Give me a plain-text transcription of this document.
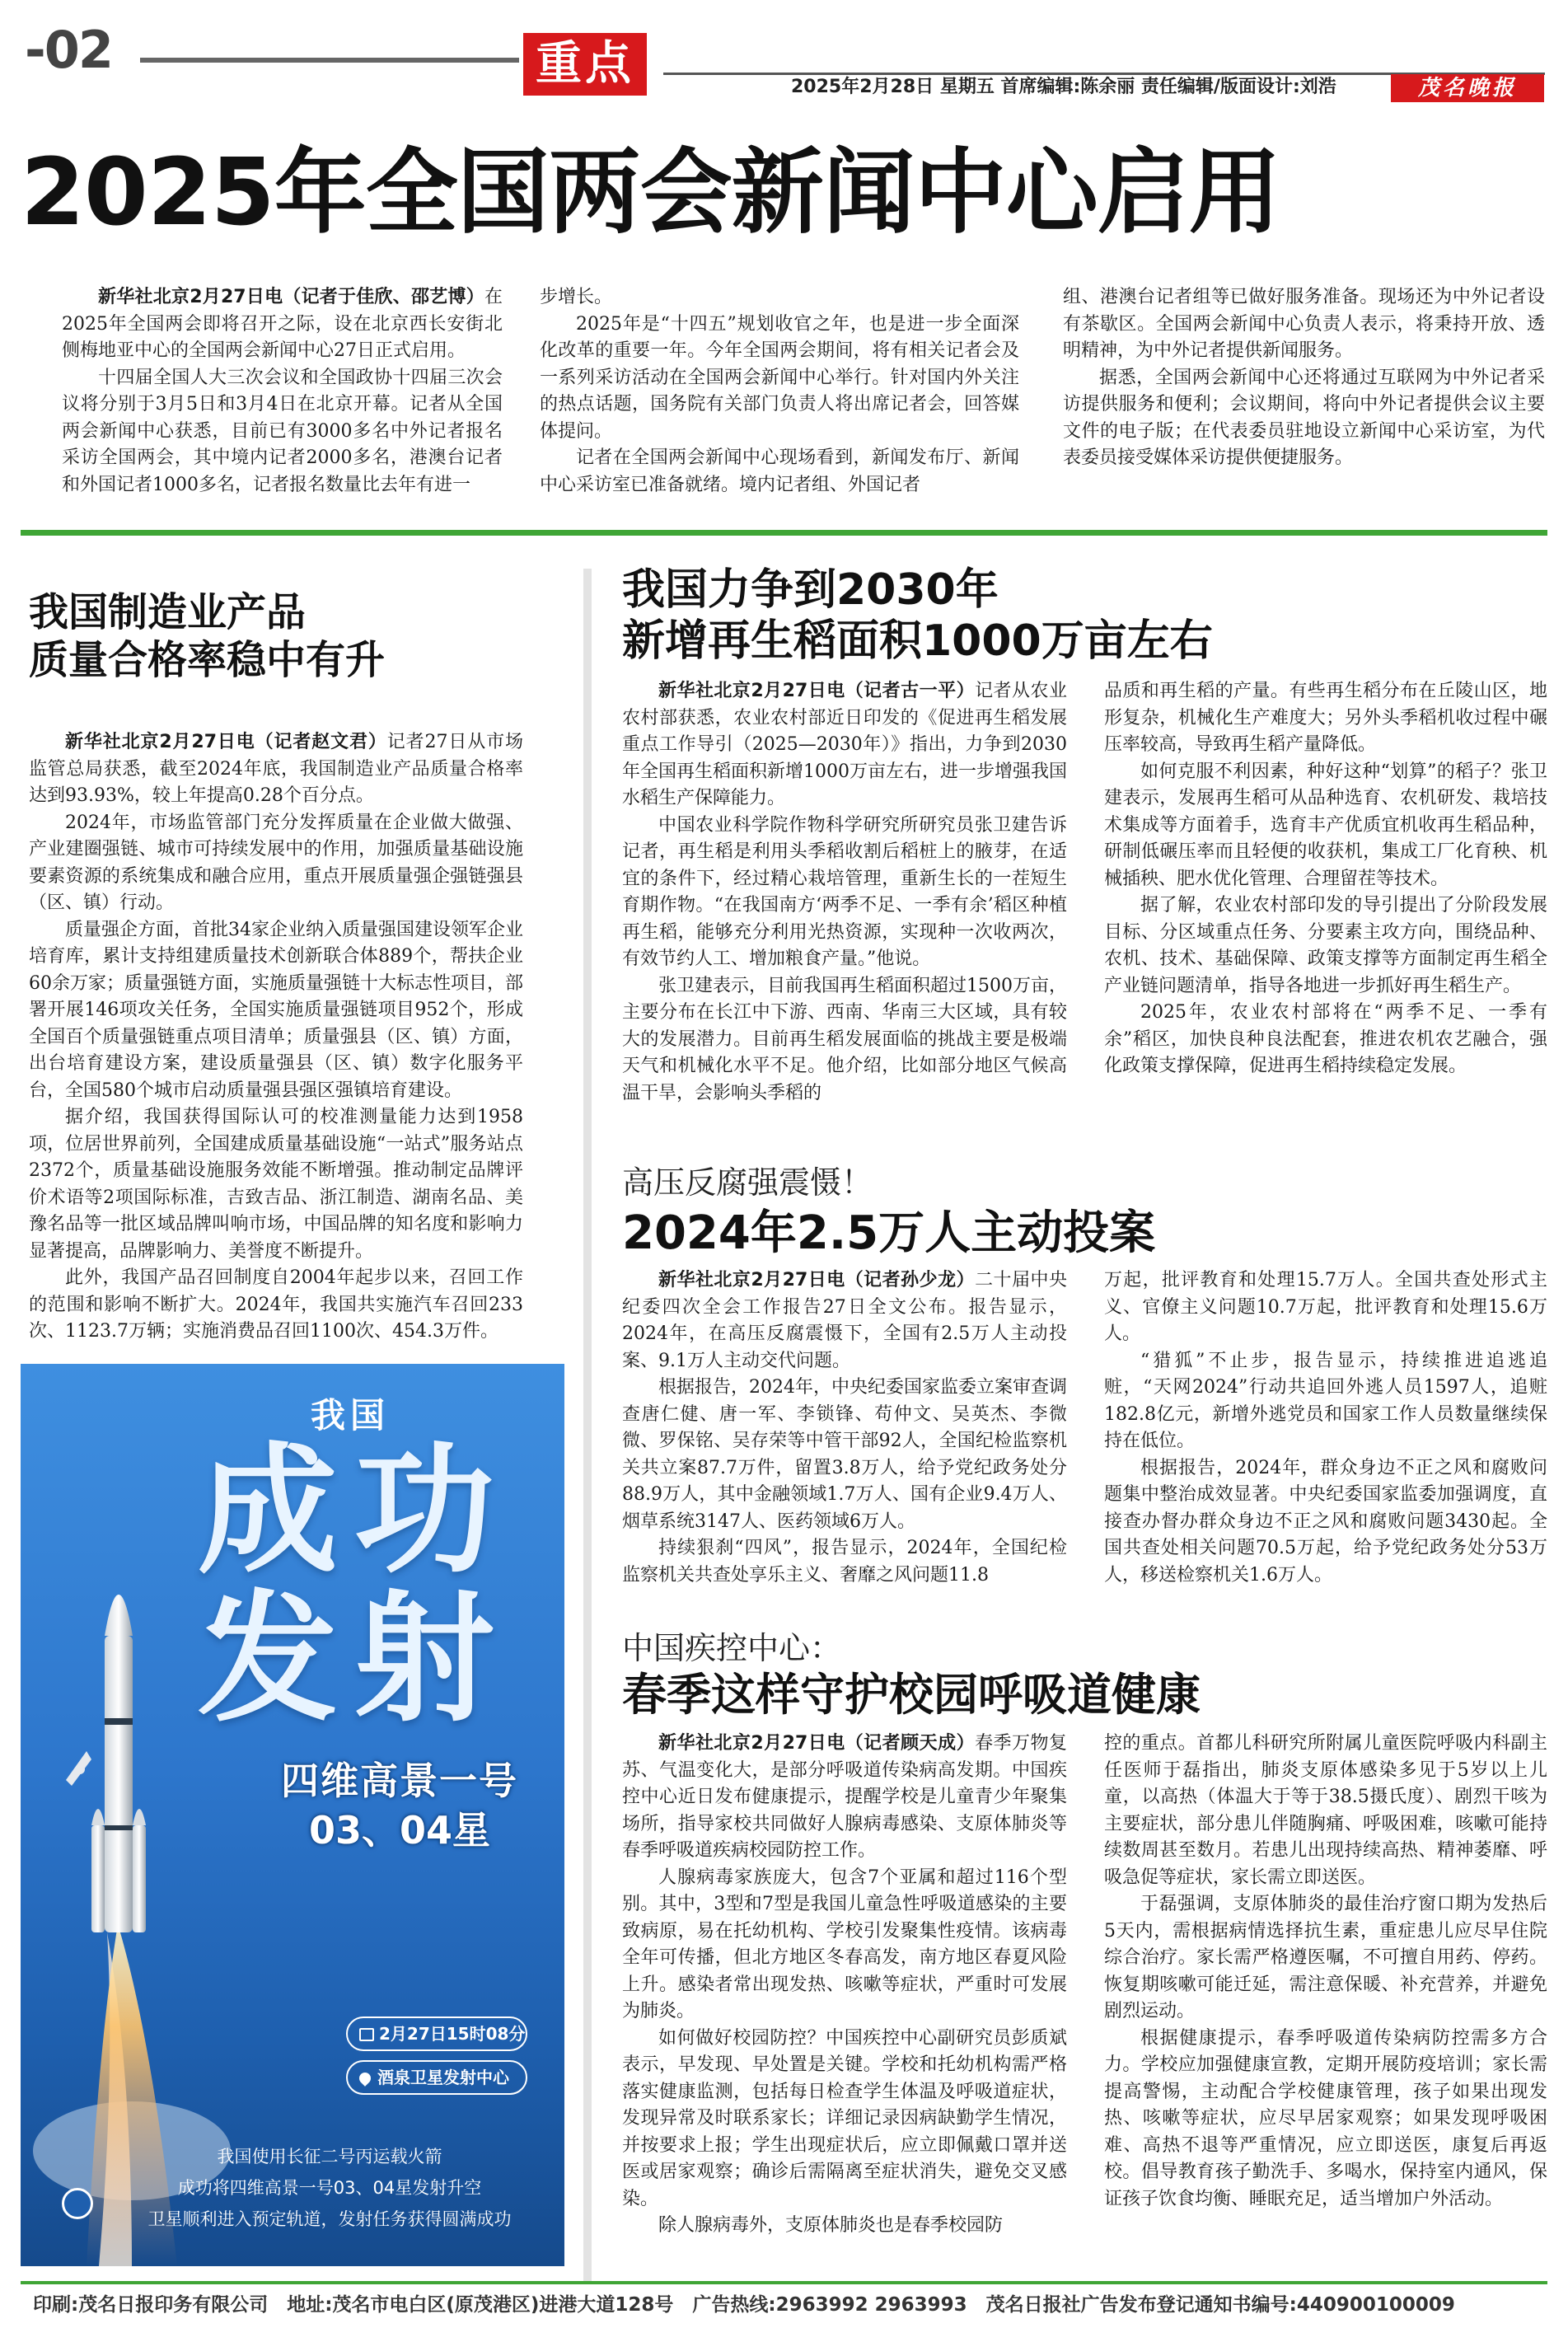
-02	重点	2025年2月28日 星期五 首席编辑:陈余丽 责任编辑/版面设计:刘浩	茂名晚报
2025年全国两会新闻中心启用

新华社北京2月27日电（记者于佳欣、邵艺博）在2025年全国两会即将召开之际，设在北京西长安街北侧梅地亚中心的全国两会新闻中心27日正式启用。

十四届全国人大三次会议和全国政协十四届三次会议将分别于3月5日和3月4日在北京开幕。记者从全国两会新闻中心获悉，目前已有3000多名中外记者报名采访全国两会，其中境内记者2000多名，港澳台记者和外国记者1000多名，记者报名数量比去年有进一

步增长。

2025年是“十四五”规划收官之年，也是进一步全面深化改革的重要一年。今年全国两会期间，将有相关记者会及一系列采访活动在全国两会新闻中心举行。针对国内外关注的热点话题，国务院有关部门负责人将出席记者会，回答媒体提问。

记者在全国两会新闻中心现场看到，新闻发布厅、新闻中心采访室已准备就绪。境内记者组、外国记者

组、港澳台记者组等已做好服务准备。现场还为中外记者设有茶歇区。全国两会新闻中心负责人表示，将秉持开放、透明精神，为中外记者提供新闻服务。

据悉，全国两会新闻中心还将通过互联网为中外记者采访提供服务和便利；会议期间，将向中外记者提供会议主要文件的电子版；在代表委员驻地设立新闻中心采访室，为代表委员接受媒体采访提供便捷服务。

我国制造业产品
质量合格率稳中有升

新华社北京2月27日电（记者赵文君）记者27日从市场监管总局获悉，截至2024年底，我国制造业产品质量合格率达到93.93%，较上年提高0.28个百分点。

2024年，市场监管部门充分发挥质量在企业做大做强、产业建圈强链、城市可持续发展中的作用，加强质量基础设施要素资源的系统集成和融合应用，重点开展质量强企强链强县（区、镇）行动。

质量强企方面，首批34家企业纳入质量强国建设领军企业培育库，累计支持组建质量技术创新联合体889个，帮扶企业60余万家；质量强链方面，实施质量强链十大标志性项目，部署开展146项攻关任务，全国实施质量强链项目952个，形成全国百个质量强链重点项目清单；质量强县（区、镇）方面，出台培育建设方案，建设质量强县（区、镇）数字化服务平台，全国580个城市启动质量强县强区强镇培育建设。

据介绍，我国获得国际认可的校准测量能力达到1958项，位居世界前列，全国建成质量基础设施“一站式”服务站点2372个，质量基础设施服务效能不断增强。推动制定品牌评价术语等2项国际标准，吉致吉品、浙江制造、湖南名品、美豫名品等一批区域品牌叫响市场，中国品牌的知名度和影响力显著提高，品牌影响力、美誉度不断提升。

此外，我国产品召回制度自2004年起步以来，召回工作的范围和影响不断扩大。2024年，我国共实施汽车召回233次、1123.7万辆；实施消费品召回1100次、454.3万件。

我国
成功
发射
四维高景一号
03、04星
2月27日15时08分
酒泉卫星发射中心
我国使用长征二号丙运载火箭
成功将四维高景一号03、04星发射升空
卫星顺利进入预定轨道，发射任务获得圆满成功
我国力争到2030年
新增再生稻面积1000万亩左右

新华社北京2月27日电（记者古一平）记者从农业农村部获悉，农业农村部近日印发的《促进再生稻发展重点工作导引（2025—2030年）》指出，力争到2030年全国再生稻面积新增1000万亩左右，进一步增强我国水稻生产保障能力。

中国农业科学院作物科学研究所研究员张卫建告诉记者，再生稻是利用头季稻收割后稻桩上的腋芽，在适宜的条件下，经过精心栽培管理，重新生长的一茬短生育期作物。“在我国南方‘两季不足、一季有余’稻区种植再生稻，能够充分利用光热资源，实现种一次收两次，有效节约人工、增加粮食产量。”他说。

张卫建表示，目前我国再生稻面积超过1500万亩，主要分布在长江中下游、西南、华南三大区域，具有较大的发展潜力。目前再生稻发展面临的挑战主要是极端天气和机械化水平不足。他介绍，比如部分地区气候高温干旱，会影响头季稻的

品质和再生稻的产量。有些再生稻分布在丘陵山区，地形复杂，机械化生产难度大；另外头季稻机收过程中碾压率较高，导致再生稻产量降低。

如何克服不利因素，种好这种“划算”的稻子？张卫建表示，发展再生稻可从品种选育、农机研发、栽培技术集成等方面着手，选育丰产优质宜机收再生稻品种，研制低碾压率而且轻便的收获机，集成工厂化育秧、机械插秧、肥水优化管理、合理留茬等技术。

据了解，农业农村部印发的导引提出了分阶段发展目标、分区域重点任务、分要素主攻方向，围绕品种、农机、技术、基础保障、政策支撑等方面制定再生稻全产业链问题清单，指导各地进一步抓好再生稻生产。

2025年，农业农村部将在“两季不足、一季有余”稻区，加快良种良法配套，推进农机农艺融合，强化政策支撑保障，促进再生稻持续稳定发展。

高压反腐强震慑！
2024年2.5万人主动投案

新华社北京2月27日电（记者孙少龙）二十届中央纪委四次全会工作报告27日全文公布。报告显示，2024年，在高压反腐震慑下，全国有2.5万人主动投案、9.1万人主动交代问题。

根据报告，2024年，中央纪委国家监委立案审查调查唐仁健、唐一军、李锁锋、苟仲文、吴英杰、李微微、罗保铭、吴存荣等中管干部92人，全国纪检监察机关共立案87.7万件，留置3.8万人，给予党纪政务处分88.9万人，其中金融领域1.7万人、国有企业9.4万人、烟草系统3147人、医药领域6万人。

持续狠刹“四风”，报告显示，2024年，全国纪检监察机关共查处享乐主义、奢靡之风问题11.8

万起，批评教育和处理15.7万人。全国共查处形式主义、官僚主义问题10.7万起，批评教育和处理15.6万人。

“猎狐”不止步，报告显示，持续推进追逃追赃，“天网2024”行动共追回外逃人员1597人，追赃182.8亿元，新增外逃党员和国家工作人员数量继续保持在低位。

根据报告，2024年，群众身边不正之风和腐败问题集中整治成效显著。中央纪委国家监委加强调度，直接查办督办群众身边不正之风和腐败问题3430起。全国共查处相关问题70.5万起，给予党纪政务处分53万人，移送检察机关1.6万人。

中国疾控中心：
春季这样守护校园呼吸道健康

新华社北京2月27日电（记者顾天成）春季万物复苏、气温变化大，是部分呼吸道传染病高发期。中国疾控中心近日发布健康提示，提醒学校是儿童青少年聚集场所，指导家校共同做好人腺病毒感染、支原体肺炎等春季呼吸道疾病校园防控工作。

人腺病毒家族庞大，包含7个亚属和超过116个型别。其中，3型和7型是我国儿童急性呼吸道感染的主要致病原，易在托幼机构、学校引发聚集性疫情。该病毒全年可传播，但北方地区冬春高发，南方地区春夏风险上升。感染者常出现发热、咳嗽等症状，严重时可发展为肺炎。

如何做好校园防控？中国疾控中心副研究员彭质斌表示，早发现、早处置是关键。学校和托幼机构需严格落实健康监测，包括每日检查学生体温及呼吸道症状，发现异常及时联系家长；详细记录因病缺勤学生情况，并按要求上报；学生出现症状后，应立即佩戴口罩并送医或居家观察；确诊后需隔离至症状消失，避免交叉感染。

除人腺病毒外，支原体肺炎也是春季校园防

控的重点。首都儿科研究所附属儿童医院呼吸内科副主任医师于磊指出，肺炎支原体感染多见于5岁以上儿童，以高热（体温大于等于38.5摄氏度）、剧烈干咳为主要症状，部分患儿伴随胸痛、呼吸困难，咳嗽可能持续数周甚至数月。若患儿出现持续高热、精神萎靡、呼吸急促等症状，家长需立即送医。

于磊强调，支原体肺炎的最佳治疗窗口期为发热后5天内，需根据病情选择抗生素，重症患儿应尽早住院综合治疗。家长需严格遵医嘱，不可擅自用药、停药。恢复期咳嗽可能迁延，需注意保暖、补充营养，并避免剧烈运动。

根据健康提示，春季呼吸道传染病防控需多方合力。学校应加强健康宣教，定期开展防疫培训；家长需提高警惕，主动配合学校健康管理，孩子如果出现发热、咳嗽等症状，应尽早居家观察；如果发现呼吸困难、高热不退等严重情况，应立即送医，康复后再返校。倡导教育孩子勤洗手、多喝水，保持室内通风，保证孩子饮食均衡、睡眠充足，适当增加户外活动。

印刷:茂名日报印务有限公司　地址:茂名市电白区(原茂港区)进港大道128号　广告热线:2963992 2963993　茂名日报社广告发布登记通知书编号:440900100009
